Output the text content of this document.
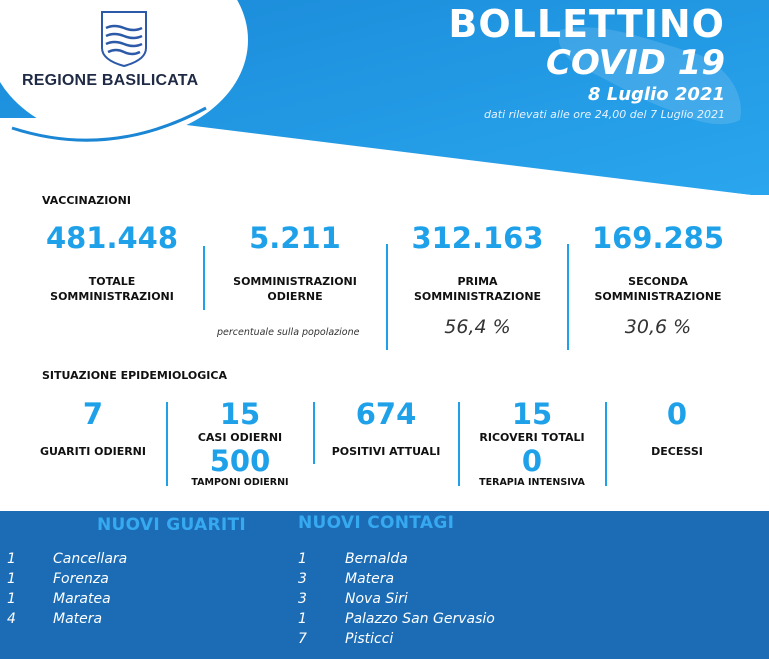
REGIONE BASILICATA
BOLLETTINO
COVID 19
8 Luglio 2021
dati rilevati alle ore 24,00 del 7 Luglio 2021
VACCINAZIONI
481.448
TOTALE
SOMMINISTRAZIONI
5.211
SOMMINISTRAZIONI
ODIERNE
percentuale sulla popolazione
312.163
PRIMA
SOMMINISTRAZIONE
56,4 %
169.285
SECONDA
SOMMINISTRAZIONE
30,6 %
SITUAZIONE EPIDEMIOLOGICA
7
GUARITI ODIERNI
15
CASI ODIERNI
500
TAMPONI ODIERNI
674
POSITIVI ATTUALI
15
RICOVERI TOTALI
0
TERAPIA INTENSIVA
0
DECESSI
NUOVI GUARITI	NUOVI CONTAGI
1	Cancellara
1	Forenza
1	Maratea
4	Matera
1	Bernalda
3	Matera
3	Nova Siri
1	Palazzo San Gervasio
7	Pisticci
